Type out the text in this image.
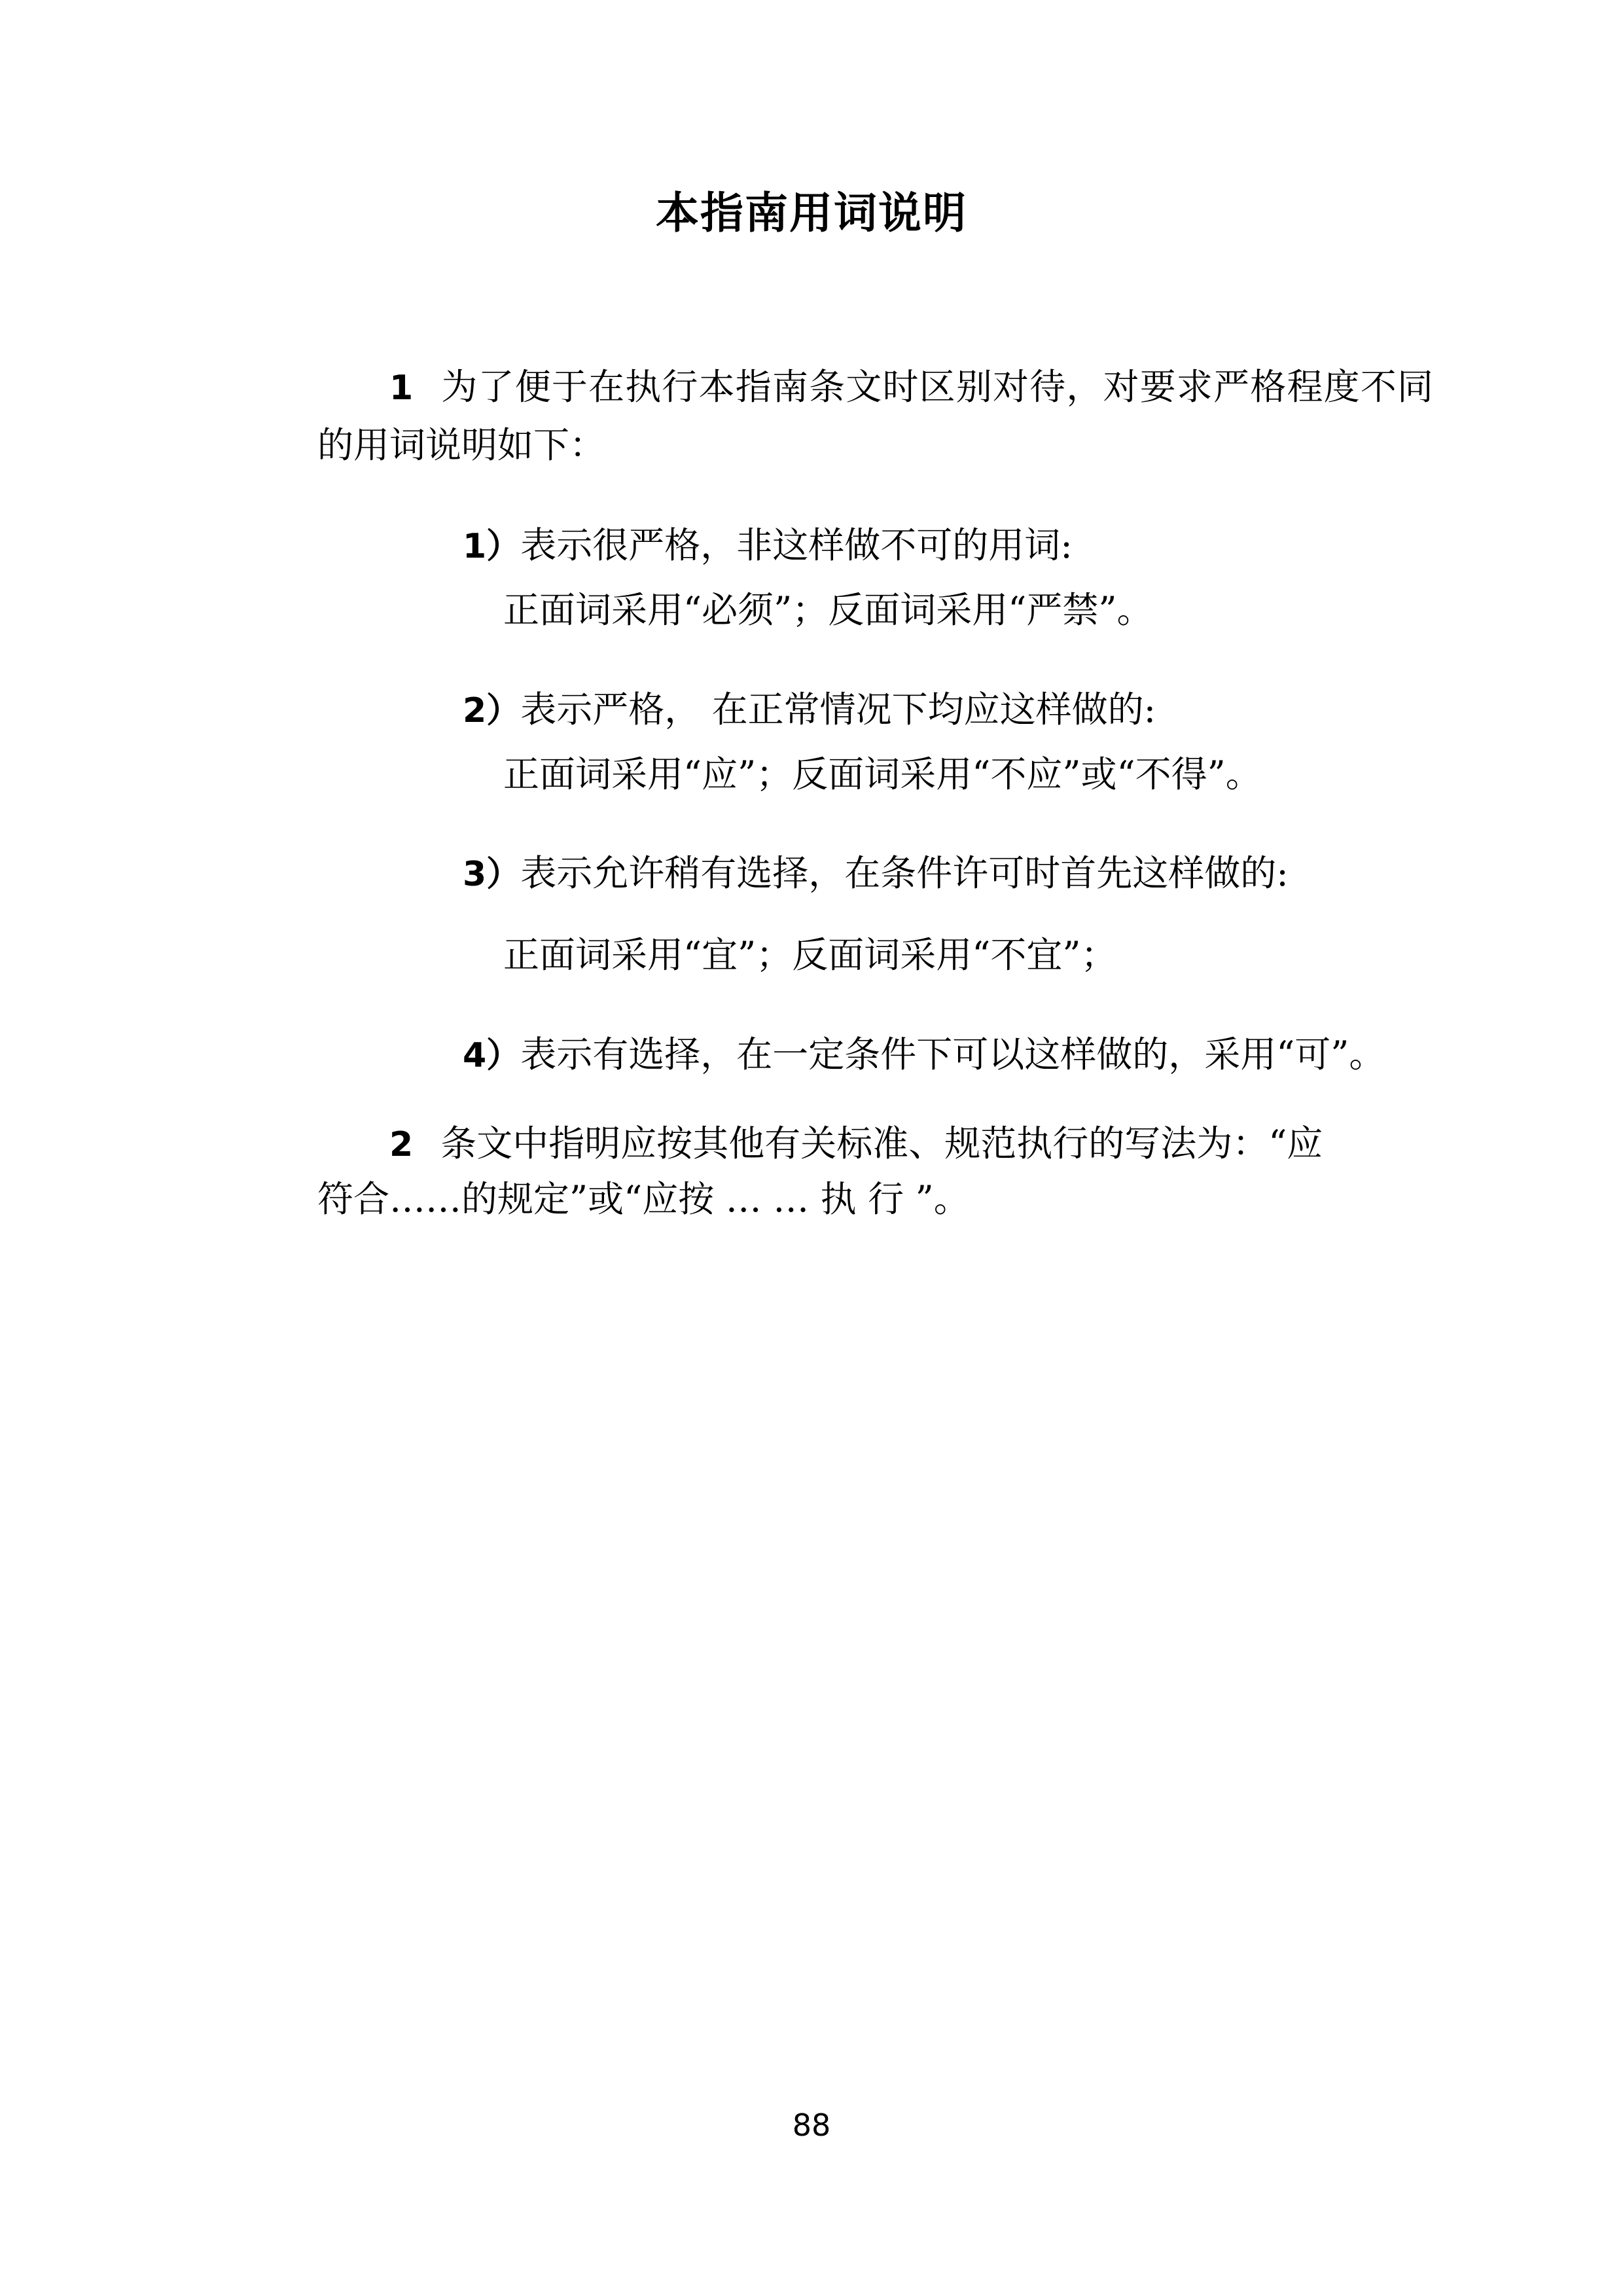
本指南用词说明

1 为了便于在执行本指南条文时区别对待，对要求严格程度不同的用词说明如下：

1）表示很严格，非这样做不可的用词:

正面词采用“必须”；反面词采用“严禁”。

2）表示严格， 在正常情况下均应这样做的:

正面词采用“应”；反面词采用“不应”或“不得”。

3）表示允许稍有选择，在条件许可时首先这样做的:

正面词采用“宜”；反面词采用“不宜”；

4）表示有选择，在一定条件下可以这样做的，采用“可”。

2 条文中指明应按其他有关标准、规范执行的写法为：“应

符合……的规定”或“应按 … … 执 行 ”。

88
